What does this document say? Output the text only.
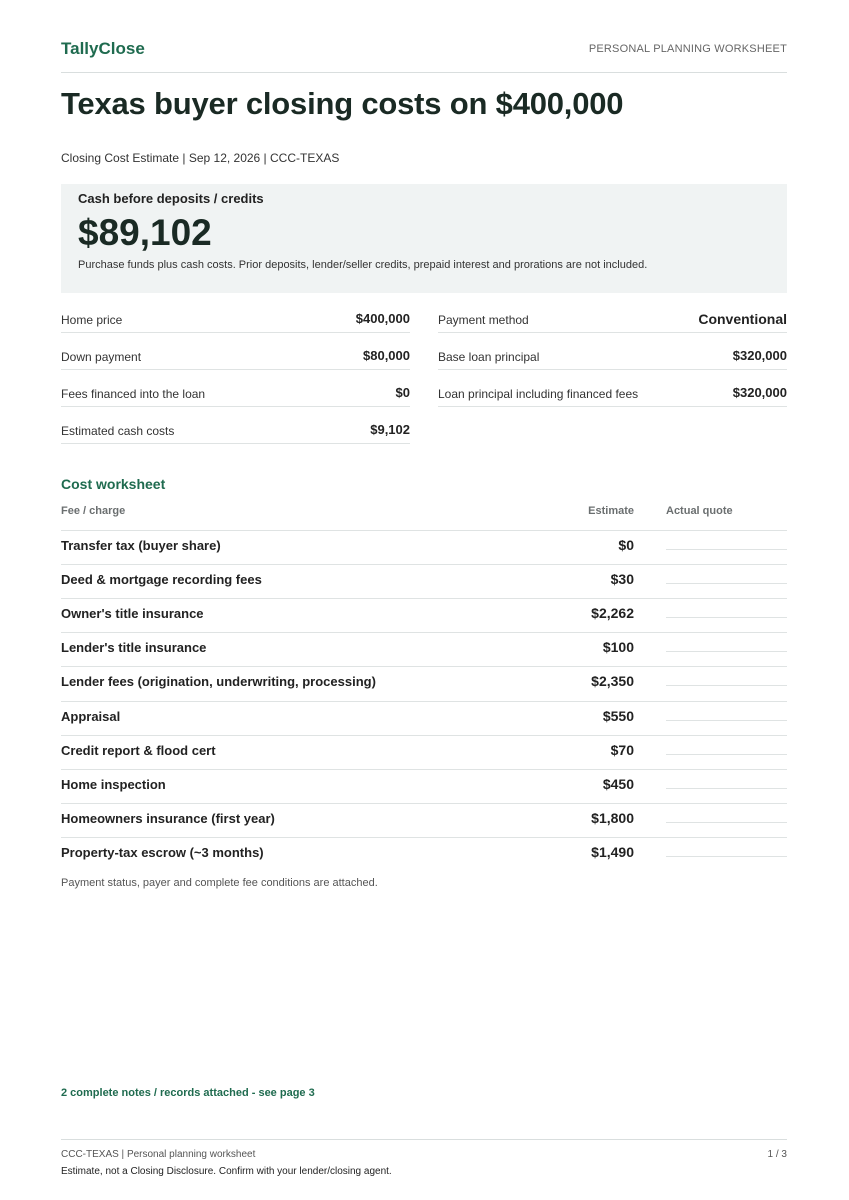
TallyClose	PERSONAL PLANNING WORKSHEET
Texas buyer closing costs on $400,000
Closing Cost Estimate | Sep 12, 2026 | CCC-TEXAS
Cash before deposits / credits
$89,102
Purchase funds plus cash costs. Prior deposits, lender/seller credits, prepaid interest and prorations are not included.
Home price	$400,000
Down payment	$80,000
Fees financed into the loan	$0
Estimated cash costs	$9,102
Payment method	Conventional
Base loan principal	$320,000
Loan principal including financed fees	$320,000
Cost worksheet
Fee / charge	Estimate	Actual quote
Transfer tax (buyer share)	$0
Deed & mortgage recording fees	$30
Owner's title insurance	$2,262
Lender's title insurance	$100
Lender fees (origination, underwriting, processing)	$2,350
Appraisal	$550
Credit report & flood cert	$70
Home inspection	$450
Homeowners insurance (first year)	$1,800
Property-tax escrow (~3 months)	$1,490
Payment status, payer and complete fee conditions are attached.
2 complete notes / records attached - see page 3
CCC-TEXAS | Personal planning worksheet	1 / 3
Estimate, not a Closing Disclosure. Confirm with your lender/closing agent.
